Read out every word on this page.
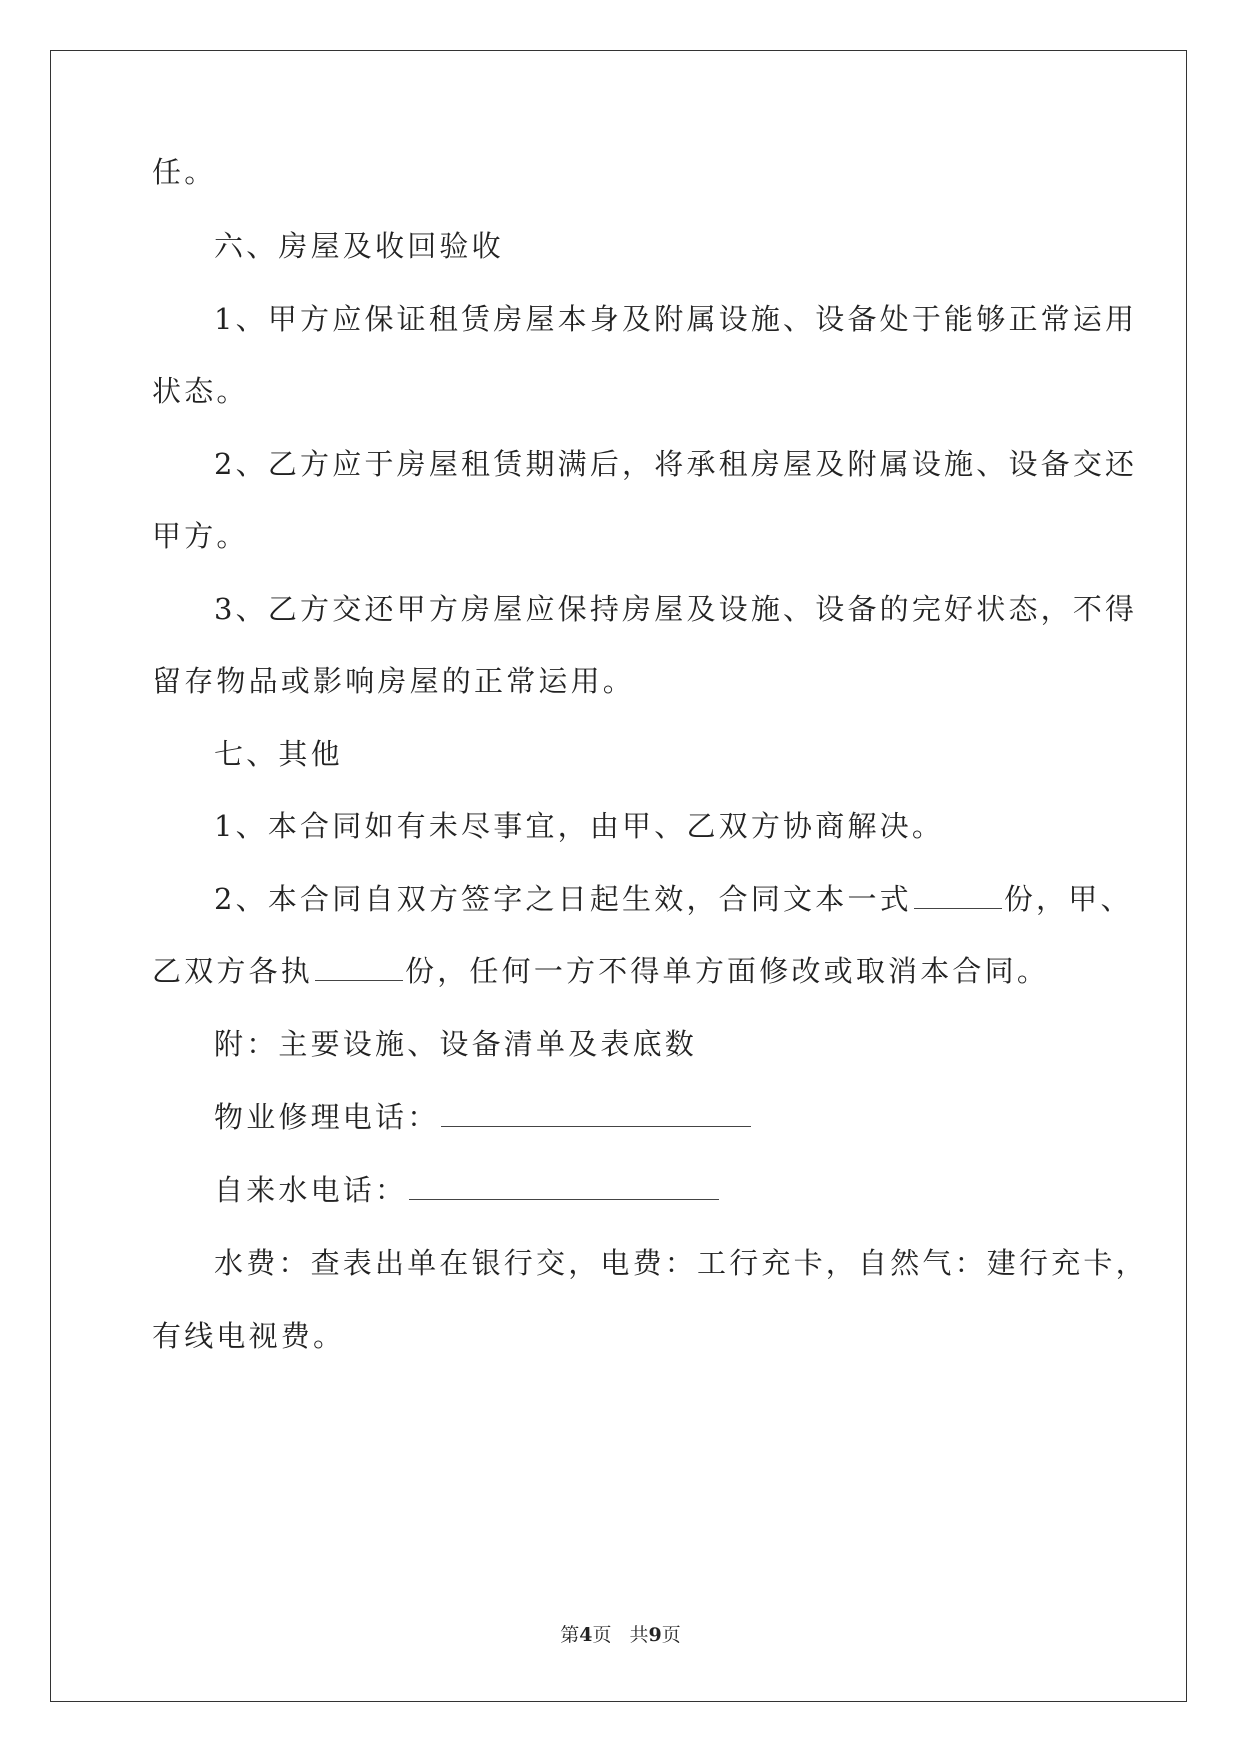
任。
六、房屋及收回验收
1、甲方应保证租赁房屋本身及附属设施、设备处于能够正常运用
状态。
2、乙方应于房屋租赁期满后，将承租房屋及附属设施、设备交还
甲方。
3、乙方交还甲方房屋应保持房屋及设施、设备的完好状态，不得
留存物品或影响房屋的正常运用。
七、其他
1、本合同如有未尽事宜，由甲、乙双方协商解决。
2、本合同自双方签字之日起生效，合同文本一式	份，甲、
乙双方各执	份，任何一方不得单方面修改或取消本合同。
附：主要设施、设备清单及表底数
物业修理电话：
自来水电话：
水费：查表出单在银行交，电费：工行充卡，自然气：建行充卡，
有线电视费。
第4页 共9页
